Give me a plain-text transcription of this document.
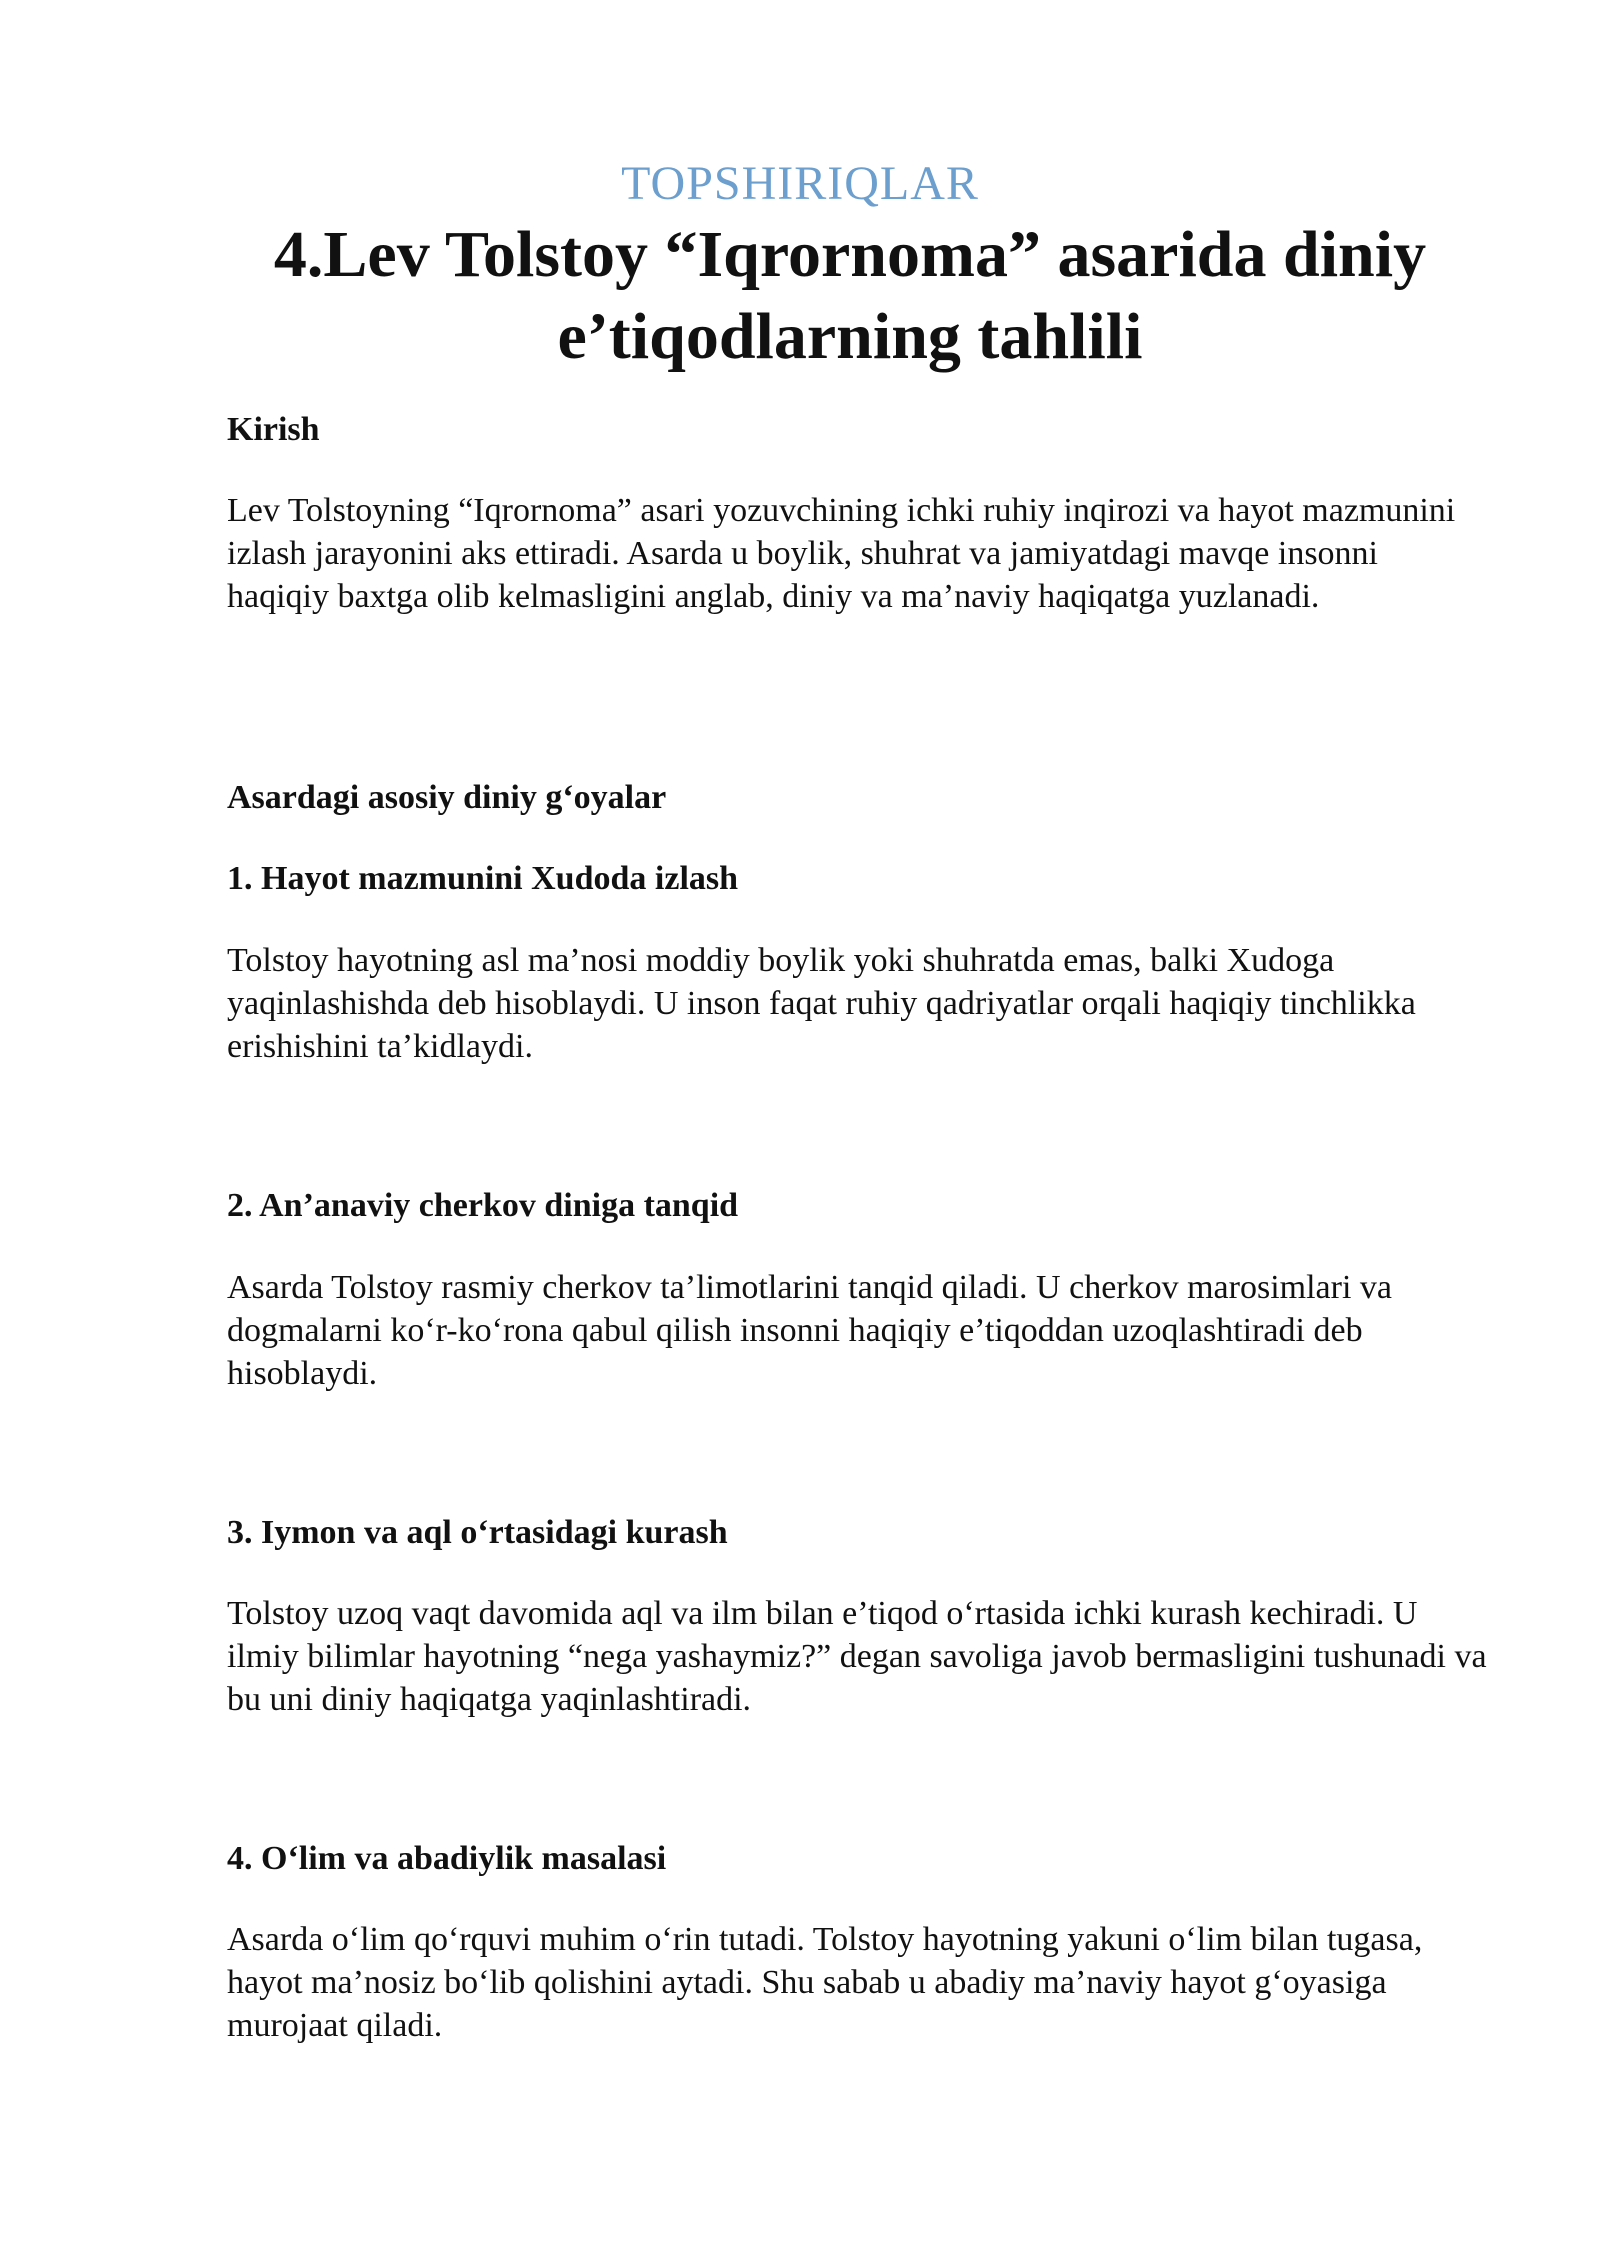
TOPSHIRIQLAR
4.Lev Tolstoy “Iqrornoma” asarida diniy e’tiqodlarning tahlili
Kirish

Lev Tolstoyning “Iqrornoma” asari yozuvchining ichki ruhiy inqirozi va hayot mazmunini izlash jarayonini aks ettiradi. Asarda u boylik, shuhrat va jamiyatdagi mavqe insonni haqiqiy baxtga olib kelmasligini anglab, diniy va ma’naviy haqiqatga yuzlanadi.

Asardagi asosiy diniy g‘oyalar
1. Hayot mazmunini Xudoda izlash

Tolstoy hayotning asl ma’nosi moddiy boylik yoki shuhratda emas, balki Xudoga yaqinlashishda deb hisoblaydi. U inson faqat ruhiy qadriyatlar orqali haqiqiy tinchlikka erishishini ta’kidlaydi.

2. An’anaviy cherkov diniga tanqid

Asarda Tolstoy rasmiy cherkov ta’limotlarini tanqid qiladi. U cherkov marosimlari va dogmalarni ko‘r-ko‘rona qabul qilish insonni haqiqiy e’tiqoddan uzoqlashtiradi deb hisoblaydi.

3. Iymon va aql o‘rtasidagi kurash

Tolstoy uzoq vaqt davomida aql va ilm bilan e’tiqod o‘rtasida ichki kurash kechiradi. U ilmiy bilimlar hayotning “nega yashaymiz?” degan savoliga javob bermasligini tushunadi va bu uni diniy haqiqatga yaqinlashtiradi.

4. O‘lim va abadiylik masalasi

Asarda o‘lim qo‘rquvi muhim o‘rin tutadi. Tolstoy hayotning yakuni o‘lim bilan tugasa, hayot ma’nosiz bo‘lib qolishini aytadi. Shu sabab u abadiy ma’naviy hayot g‘oyasiga murojaat qiladi.
